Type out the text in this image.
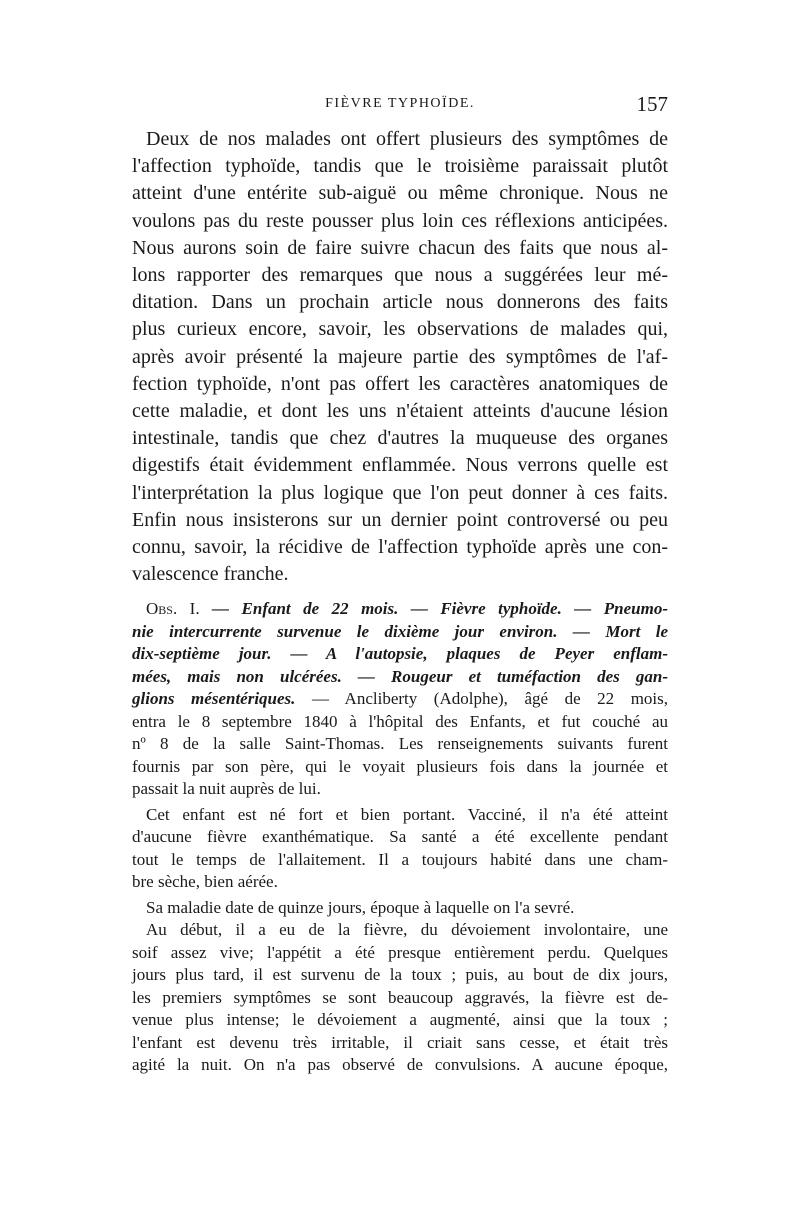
FIÈVRE TYPHOÏDE.	157
Deux de nos malades ont offert plusieurs des symptômes de
l'affection typhoïde, tandis que le troisième paraissait plutôt
atteint d'une entérite sub-aiguë ou même chronique. Nous ne
voulons pas du reste pousser plus loin ces réflexions anticipées.
Nous aurons soin de faire suivre chacun des faits que nous al-
lons rapporter des remarques que nous a suggérées leur mé-
ditation. Dans un prochain article nous donnerons des faits
plus curieux encore, savoir, les observations de malades qui,
après avoir présenté la majeure partie des symptômes de l'af-
fection typhoïde, n'ont pas offert les caractères anatomiques de
cette maladie, et dont les uns n'étaient atteints d'aucune lésion
intestinale, tandis que chez d'autres la muqueuse des organes
digestifs était évidemment enflammée. Nous verrons quelle est
l'interprétation la plus logique que l'on peut donner à ces faits.
Enfin nous insisterons sur un dernier point controversé ou peu
connu, savoir, la récidive de l'affection typhoïde après une con-
valescence franche.
Obs. I. — Enfant de 22 mois. — Fièvre typhoïde. — Pneumo-
nie intercurrente survenue le dixième jour environ. — Mort le
dix-septième jour. — A l'autopsie, plaques de Peyer enflam-
mées, mais non ulcérées. — Rougeur et tuméfaction des gan-
glions mésentériques. — Ancliberty (Adolphe), âgé de 22 mois,
entra le 8 septembre 1840 à l'hôpital des Enfants, et fut couché au
nº 8 de la salle Saint-Thomas. Les renseignements suivants furent
fournis par son père, qui le voyait plusieurs fois dans la journée et
passait la nuit auprès de lui.
Cet enfant est né fort et bien portant. Vacciné, il n'a été atteint
d'aucune fièvre exanthématique. Sa santé a été excellente pendant
tout le temps de l'allaitement. Il a toujours habité dans une cham-
bre sèche, bien aérée.
Sa maladie date de quinze jours, époque à laquelle on l'a sevré.
Au début, il a eu de la fièvre, du dévoiement involontaire, une
soif assez vive; l'appétit a été presque entièrement perdu. Quelques
jours plus tard, il est survenu de la toux ; puis, au bout de dix jours,
les premiers symptômes se sont beaucoup aggravés, la fièvre est de-
venue plus intense; le dévoiement a augmenté, ainsi que la toux ;
l'enfant est devenu très irritable, il criait sans cesse, et était très
agité la nuit. On n'a pas observé de convulsions. A aucune époque,
